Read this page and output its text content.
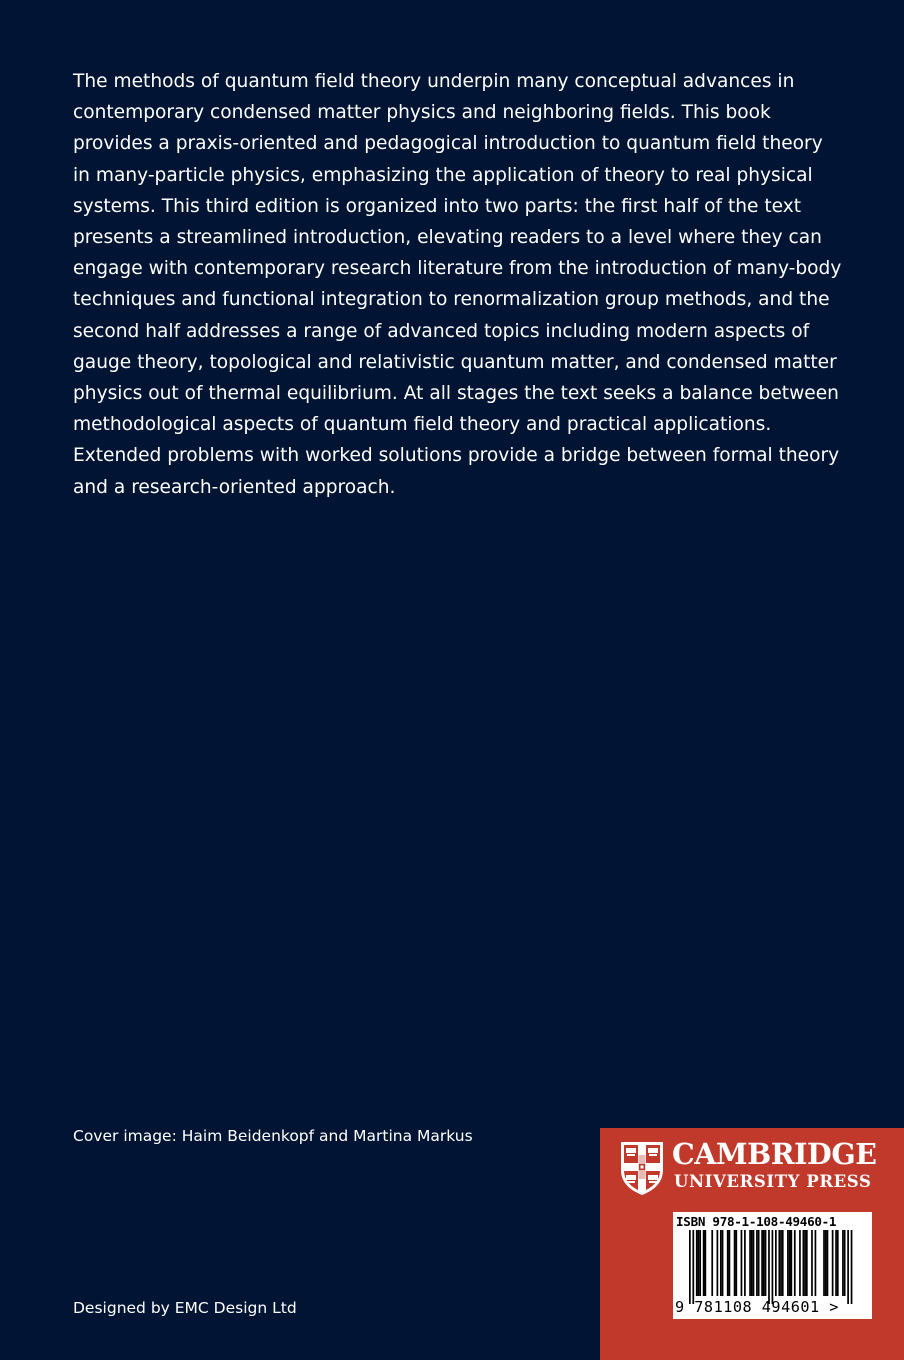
The methods of quantum field theory underpin many conceptual advances in
contemporary condensed matter physics and neighboring fields. This book
provides a praxis-oriented and pedagogical introduction to quantum field theory
in many-particle physics, emphasizing the application of theory to real physical
systems. This third edition is organized into two parts: the first half of the text
presents a streamlined introduction, elevating readers to a level where they can
engage with contemporary research literature from the introduction of many-body
techniques and functional integration to renormalization group methods, and the
second half addresses a range of advanced topics including modern aspects of
gauge theory, topological and relativistic quantum matter, and condensed matter
physics out of thermal equilibrium. At all stages the text seeks a balance between
methodological aspects of quantum field theory and practical applications.
Extended problems with worked solutions provide a bridge between formal theory
and a research-oriented approach.
Cover image: Haim Beidenkopf and Martina Markus
Designed by EMC Design Ltd
CAMBRIDGE
UNIVERSITY PRESS
ISBN 978-1-108-49460-1
9 781108 494601 >
